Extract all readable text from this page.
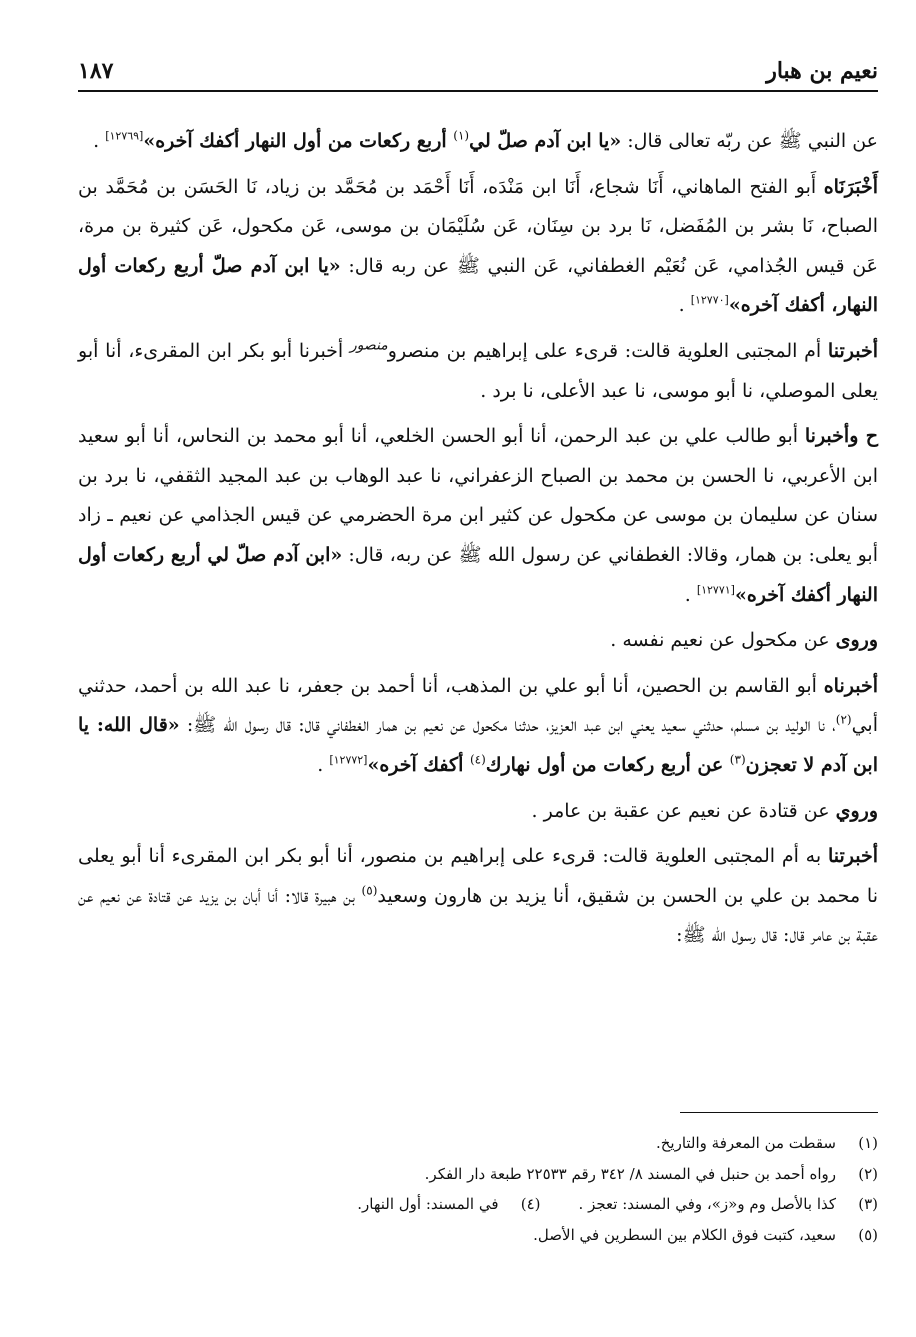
نعيم بن هبار
١٨٧

عن النبي ﷺ عن ربّه تعالى قال: «يا ابن آدم صلّ لي$^{(١)}$ أربع ركعات من أول النهار أكفك آخره»[١٢٧٦٩] .

أَخْبَرَنَاه أَبو الفتح الماهاني، أَنَا شجاع، أَنَا ابن مَنْدَه، أَنَا أَحْمَد بن مُحَمَّد بن زياد، نَا الحَسَن بن مُحَمَّد بن الصباح، نَا بشر بن المُفَضل، نَا برد بن سِنَان، عَن سُلَيْمَان بن موسى، عَن مكحول، عَن كثيرة بن مرة، عَن قيس الجُذامي، عَن نُعَيْم الغطفاني، عَن النبي ﷺ عن ربه قال: «يا ابن آدم صلّ أربع ركعات أول النهار، أكفك آخره»[١٢٧٧٠] .

أخبرتنا أم المجتبى العلوية قالت: قرىء على إبراهيم بن منصرو$^{منصور}$ أخبرنا أبو بكر ابن المقرىء، أنا أبو يعلى الموصلي، نا أبو موسى، نا عبد الأعلى، نا برد .

ح وأخبرنا أبو طالب علي بن عبد الرحمن، أنا أبو الحسن الخلعي، أنا أبو محمد بن النحاس، أنا أبو سعيد ابن الأعربي، نا الحسن بن محمد بن الصباح الزعفراني، نا عبد الوهاب بن عبد المجيد الثقفي، نا برد بن سنان عن سليمان بن موسى عن مكحول عن كثير ابن مرة الحضرمي عن قيس الجذامي عن نعيم ـ زاد أبو يعلى: بن همار، وقالا: الغطفاني عن رسول الله ﷺ عن ربه، قال: «ابن آدم صلّ لي أربع ركعات أول النهار أكفك آخره»[١٢٧٧١] .

وروى عن مكحول عن نعيم نفسه .

أخبرناه أبو القاسم بن الحصين، أنا أبو علي بن المذهب، أنا أحمد بن جعفر، نا عبد الله بن أحمد، حدثني أبي$^{(٢)}$، نا الوليد بن مسلم، حدثني سعيد يعني ابن عبد العزيز، حدثنا مكحول عن نعيم بن همار الغطفاني قال: قال رسول الله ﷺ: «قال الله: يا ابن آدم لا تعجزن$^{(٣)}$ عن أربع ركعات من أول نهارك$^{(٤)}$ أكفك آخره»[١٢٧٧٢] .

وروي عن قتادة عن نعيم عن عقبة بن عامر .

أخبرتنا به أم المجتبى العلوية قالت: قرىء على إبراهيم بن منصور، أنا أبو بكر ابن المقرىء أنا أبو يعلى نا محمد بن علي بن الحسن بن شقيق، أنا يزيد بن هارون وسعيد$^{(٥)}$ بن هبيرة قالا: أنا أبان بن يزيد عن قتادة عن نعيم عن عقبة بن عامر قال: قال رسول الله ﷺ:

(١)سقطت من المعرفة والتاريخ.
(٢)رواه أحمد بن حنبل في المسند ٨/ ٣٤٢ رقم ٢٢٥٣٣ طبعة دار الفكر.
(٣)كذا بالأصل وم و«ز»، وفي المسند: تعجز .(٤)في المسند: أول النهار.
(٥)سعيد، كتبت فوق الكلام بين السطرين في الأصل.
